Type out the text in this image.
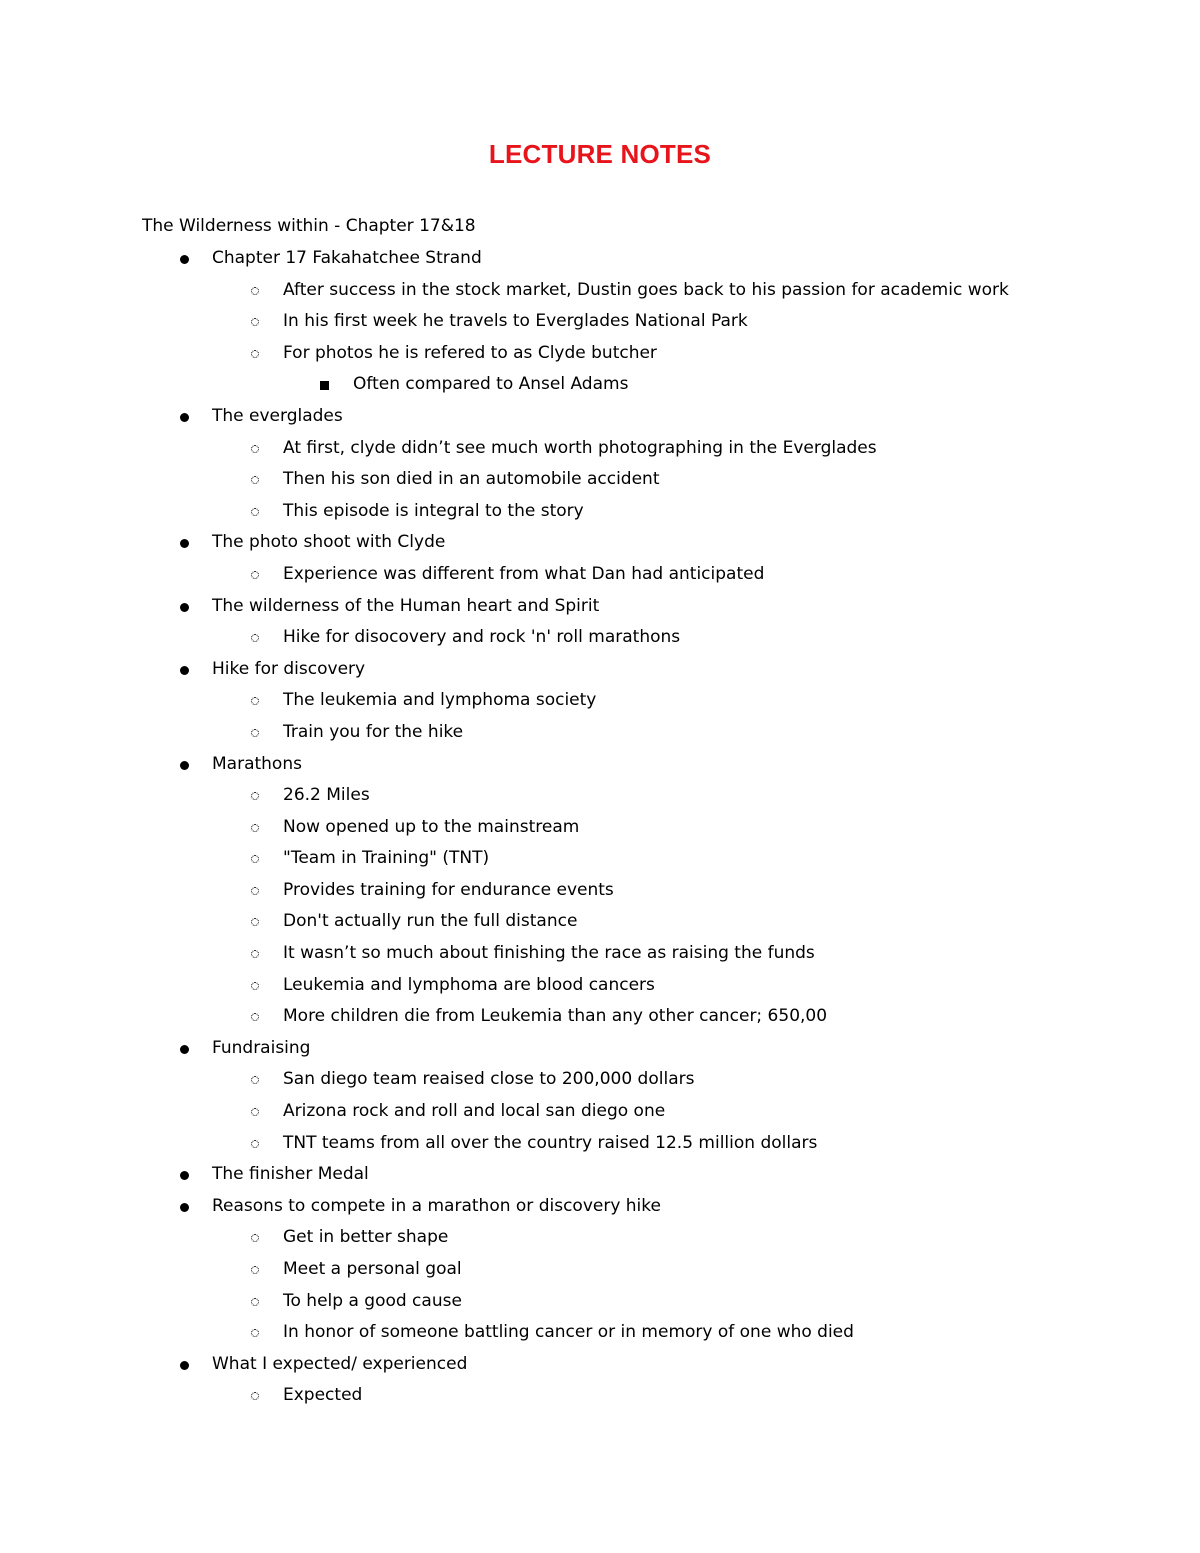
LECTURE NOTES
The Wilderness within - Chapter 17&18
Chapter 17 Fakahatchee Strand
After success in the stock market, Dustin goes back to his passion for academic work
In his first week he travels to Everglades National Park
For photos he is refered to as Clyde butcher
Often compared to Ansel Adams
The everglades
At first, clyde didn’t see much worth photographing in the Everglades
Then his son died in an automobile accident
This episode is integral to the story
The photo shoot with Clyde
Experience was different from what Dan had anticipated
The wilderness of the Human heart and Spirit
Hike for disocovery and rock 'n' roll marathons
Hike for discovery
The leukemia and lymphoma society
Train you for the hike
Marathons
26.2 Miles
Now opened up to the mainstream
"Team in Training" (TNT)
Provides training for endurance events
Don't actually run the full distance
It wasn’t so much about finishing the race as raising the funds
Leukemia and lymphoma are blood cancers
More children die from Leukemia than any other cancer; 650,00
Fundraising
San diego team reaised close to 200,000 dollars
Arizona rock and roll and local san diego one
TNT teams from all over the country raised 12.5 million dollars
The finisher Medal
Reasons to compete in a marathon or discovery hike
Get in better shape
Meet a personal goal
To help a good cause
In honor of someone battling cancer or in memory of one who died
What I expected/ experienced
Expected
